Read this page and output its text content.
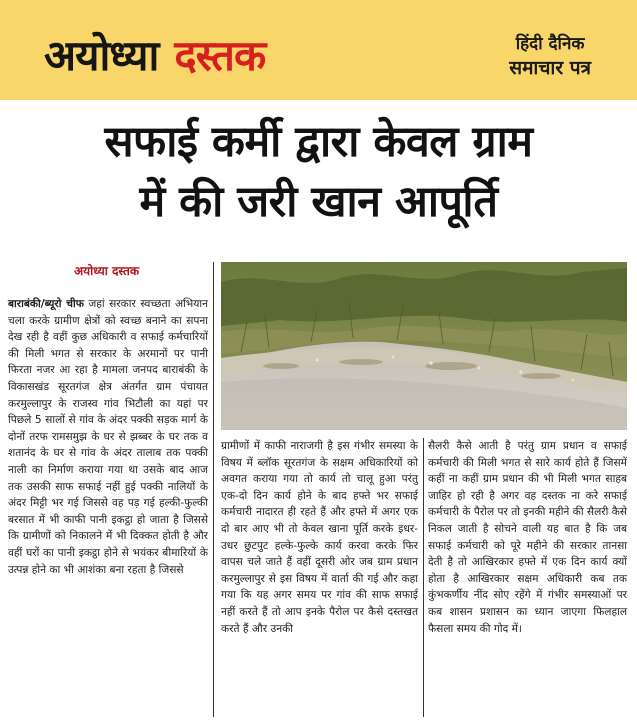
अयोध्या दस्तक	हिंदी दैनिक
समाचार पत्र
सफाई कर्मी द्वारा केवल ग्राम
में की जरी खान आपूर्ति
अयोध्या दस्तक
बाराबंकी/ब्यूरो चीफ जहां सरकार स्वच्छता अभियान चला करके ग्रामीण क्षेत्रों को स्वच्छ बनाने का सपना देख रही है वहीं कुछ अधिकारी व सफाई कर्मचारियों की मिली भगत से सरकार के अरमानों पर पानी फिरता नजर आ रहा है मामला जनपद बाराबंकी के विकासखंड सूरतगंज क्षेत्र अंतर्गत ग्राम पंचायत करमुल्लापुर के राजस्व गांव भिटौली का यहां पर पिछले 5 सालों से गांव के अंदर पक्की सड़क मार्ग के दोनों तरफ रामसमुझ के घर से झब्बर के घर तक व शतानंद के घर से गांव के अंदर तालाब तक पक्की नाली का निर्माण कराया गया था उसके बाद आज तक उसकी साफ सफाई नहीं हुई पक्की नालियों के अंदर मिट्टी भर गई जिससे वह पड़ गई हल्की-फुल्की बरसात में भी काफी पानी इकट्ठा हो जाता है जिससे कि ग्रामीणों को निकालने में भी दिक्कत होती है और वहीं घरों का पानी इकट्ठा होने से भयंकर बीमारियों के उत्पन्न होने का भी आशंका बना रहता है जिससे
ग्रामीणों में काफी नाराजगी है इस गंभीर समस्या के विषय में ब्लॉक सूरतगंज के सक्षम अधिकारियों को अवगत कराया गया तो कार्य तो चालू हुआ परंतु एक-दो दिन कार्य होने के बाद हफ्ते भर सफाई कर्मचारी नादारत ही रहते हैं और हफ्ते में अगर एक दो बार आए भी तो केवल खाना पूर्ति करके इधर-उधर छुटपुट हल्के-फुल्के कार्य करवा करके फिर वापस चले जाते हैं वहीं दूसरी ओर जब ग्राम प्रधान करमुल्लापुर से इस विषय में वार्ता की गई और कहा गया कि यह अगर समय पर गांव की साफ सफाई नहीं करते हैं तो आप इनके पैरोल पर कैसे दस्तखत करते हैं और उनकी
सैलरी कैसे आती है परंतु ग्राम प्रधान व सफाई कर्मचारी की मिली भगत से सारे कार्य होते हैं जिसमें कहीं ना कहीं ग्राम प्रधान की भी मिली भगत साहब जाहिर हो रही है अगर वह दस्तक ना करे सफाई कर्मचारी के पैरोल पर तो इनकी महीने की सैलरी कैसे निकल जाती है सोचने वाली यह बात है कि जब सफाई कर्मचारी को पूरे महीने की सरकार तानसा देती है तो आखिरकार हफ्ते में एक दिन कार्य क्यों होता है आखिरकार सक्षम अधिकारी कब तक कुंभकर्णीय नींद सोए रहेंगे में गंभीर समस्याओं पर कब शासन प्रशासन का ध्यान जाएगा फिलहाल फैसला समय की गोद में।
